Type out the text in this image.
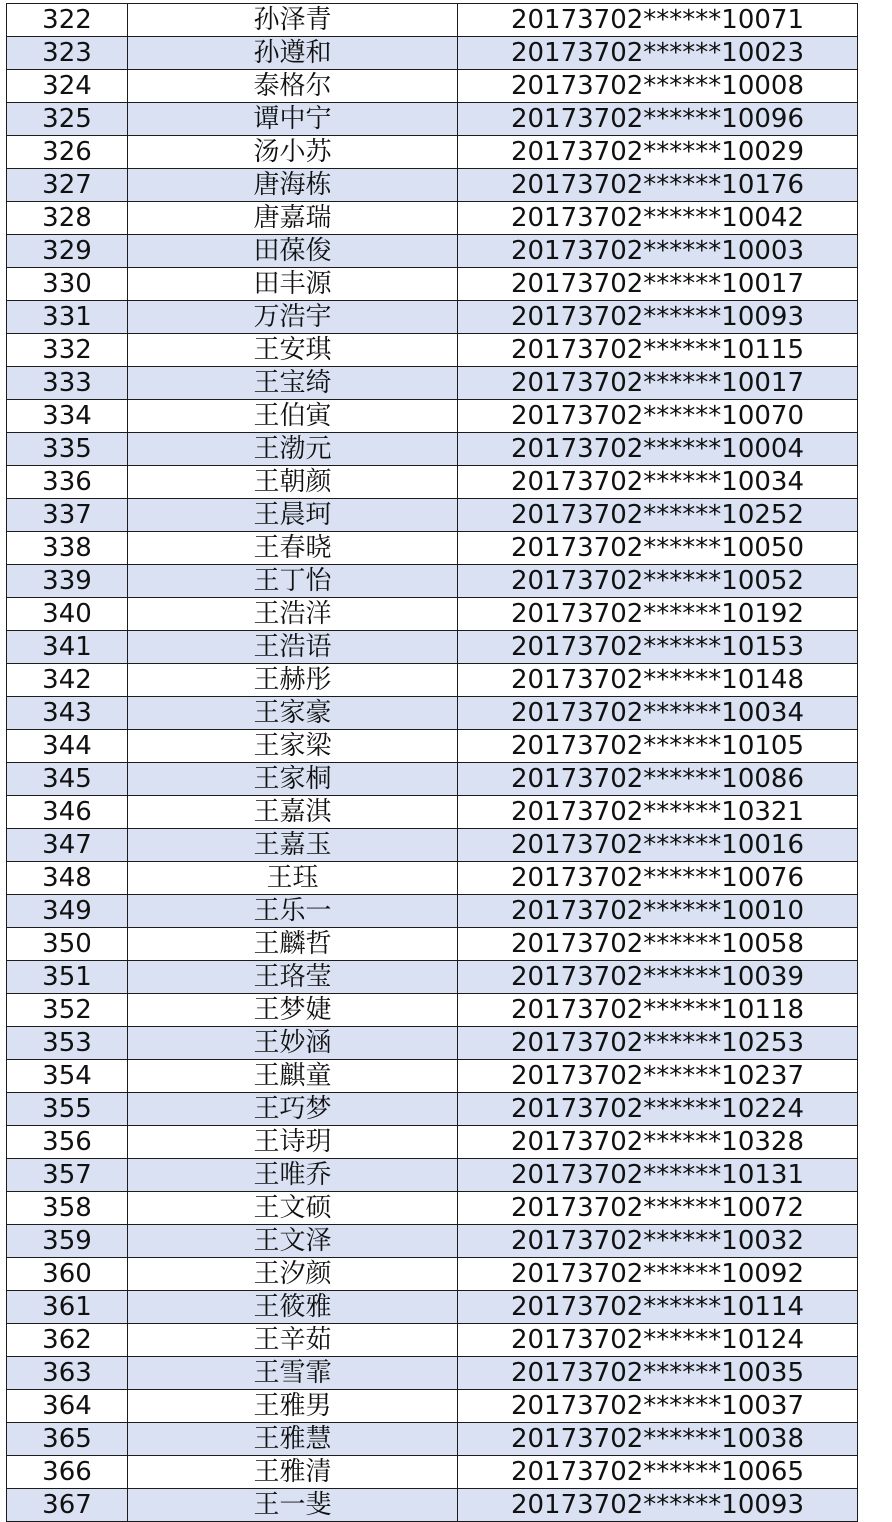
322	孙泽青	20173702******10071
323	孙遵和	20173702******10023
324	泰格尔	20173702******10008
325	谭中宁	20173702******10096
326	汤小苏	20173702******10029
327	唐海栋	20173702******10176
328	唐嘉瑞	20173702******10042
329	田葆俊	20173702******10003
330	田丰源	20173702******10017
331	万浩宇	20173702******10093
332	王安琪	20173702******10115
333	王宝绮	20173702******10017
334	王伯寅	20173702******10070
335	王渤元	20173702******10004
336	王朝颜	20173702******10034
337	王晨珂	20173702******10252
338	王春晓	20173702******10050
339	王丁怡	20173702******10052
340	王浩洋	20173702******10192
341	王浩语	20173702******10153
342	王赫彤	20173702******10148
343	王家豪	20173702******10034
344	王家梁	20173702******10105
345	王家桐	20173702******10086
346	王嘉淇	20173702******10321
347	王嘉玉	20173702******10016
348	王珏	20173702******10076
349	王乐一	20173702******10010
350	王麟哲	20173702******10058
351	王珞莹	20173702******10039
352	王梦婕	20173702******10118
353	王妙涵	20173702******10253
354	王麒童	20173702******10237
355	王巧梦	20173702******10224
356	王诗玥	20173702******10328
357	王唯乔	20173702******10131
358	王文硕	20173702******10072
359	王文泽	20173702******10032
360	王汐颜	20173702******10092
361	王筱雅	20173702******10114
362	王辛茹	20173702******10124
363	王雪霏	20173702******10035
364	王雅男	20173702******10037
365	王雅慧	20173702******10038
366	王雅清	20173702******10065
367	王一斐	20173702******10093
